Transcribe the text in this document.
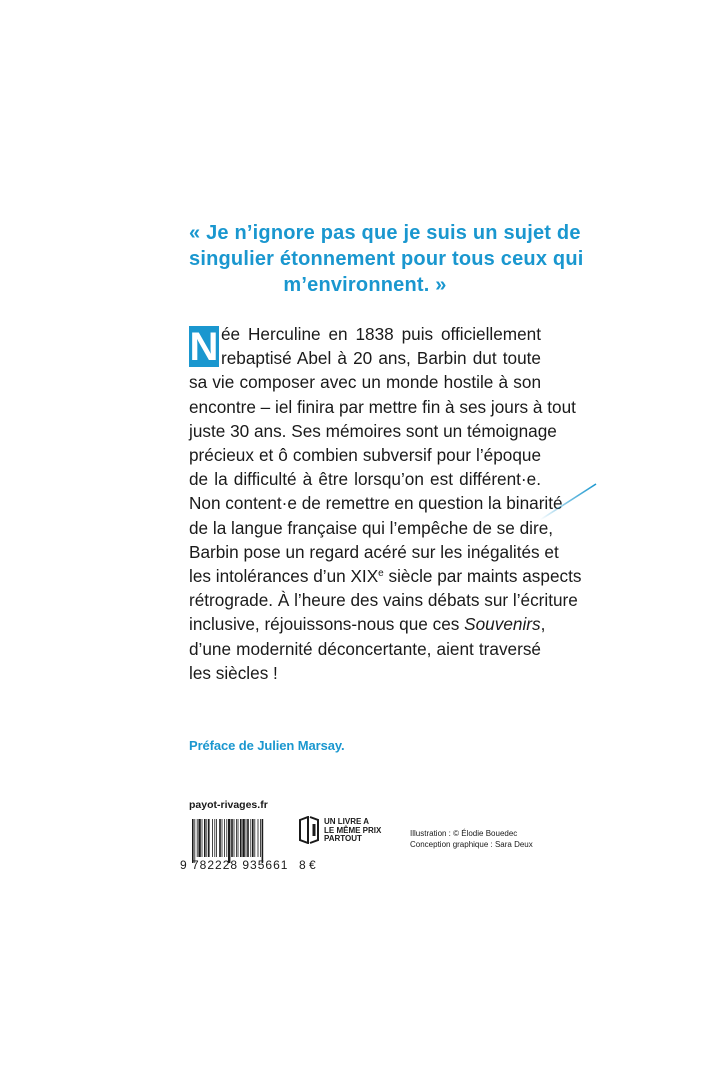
« Je n’ignore pas que je suis un sujet de
singulier étonnement pour tous ceux qui
m’environnent. »
N ée Herculine en 1838 puis officiellement
rebaptisé Abel à 20 ans, Barbin dut toute
sa vie composer avec un monde hostile à son
encontre – iel finira par mettre fin à ses jours à tout
juste 30 ans. Ses mémoires sont un témoignage
précieux et ô combien subversif pour l’époque
de la difficulté à être lorsqu’on est différent·e.
Non content·e de remettre en question la binarité
de la langue française qui l’empêche de se dire,
Barbin pose un regard acéré sur les inégalités et
les intolérances d’un XIXe siècle par maints aspects
rétrograde. À l’heure des vains débats sur l’écriture
inclusive, réjouissons-nous que ces Souvenirs,
d’une modernité déconcertante, aient traversé
les siècles !
Préface de Julien Marsay.
payot-rivages.fr
9 782228 935661 8 €
UN LIVRE A
LE MÊME PRIX
PARTOUT
Illustration : © Élodie Bouedec
Conception graphique : Sara Deux
